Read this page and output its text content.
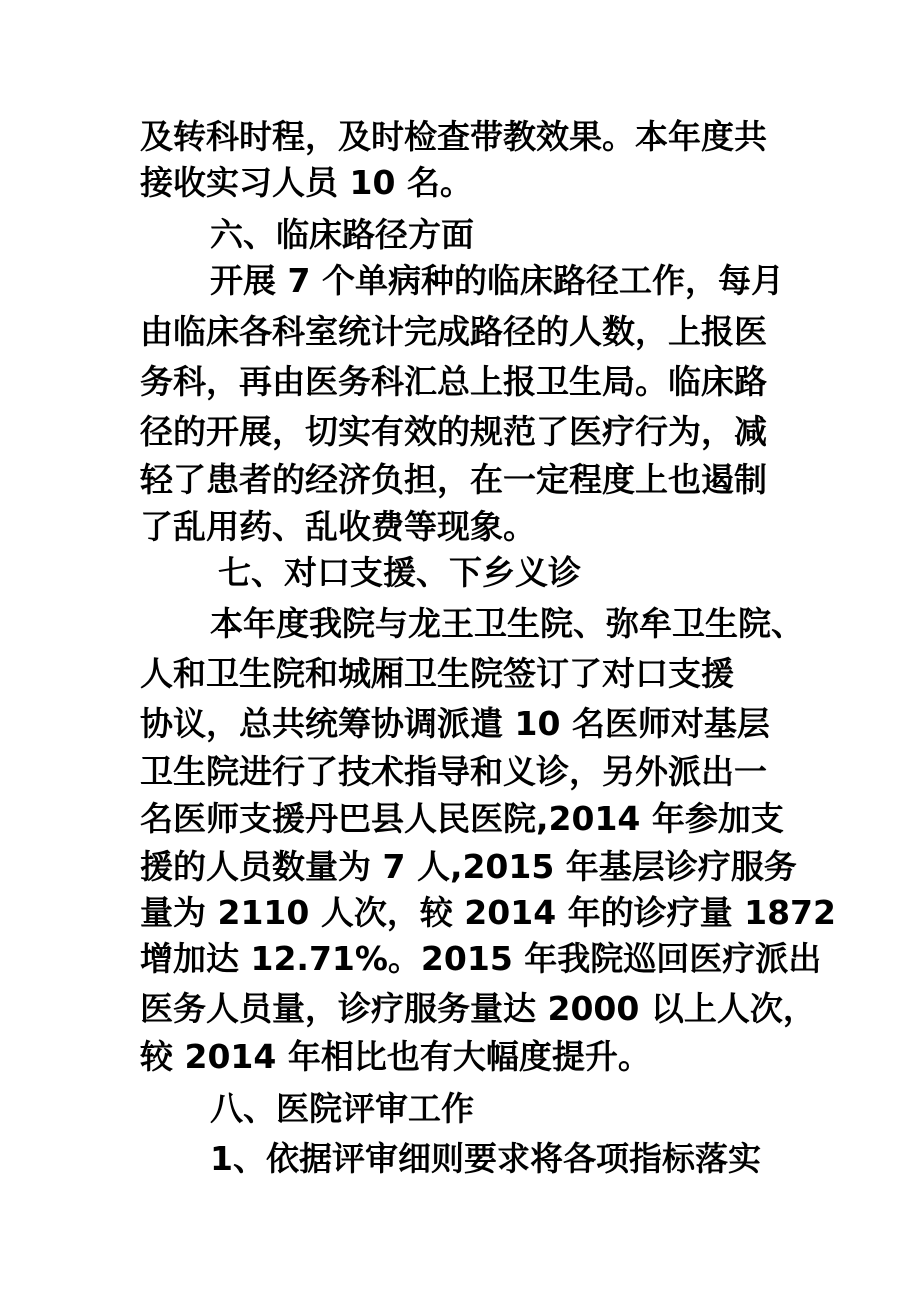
及转科时程，及时检查带教效果。本年度共
接收实习人员 10 名。
六、临床路径方面
开展 7 个单病种的临床路径工作，每月
由临床各科室统计完成路径的人数，上报医
务科，再由医务科汇总上报卫生局。临床路
径的开展，切实有效的规范了医疗行为，减
轻了患者的经济负担，在一定程度上也遏制
了乱用药、乱收费等现象。
七、对口支援、下乡义诊
本年度我院与龙王卫生院、弥牟卫生院、
人和卫生院和城厢卫生院签订了对口支援
协议，总共统筹协调派遣 10 名医师对基层
卫生院进行了技术指导和义诊，另外派出一
名医师支援丹巴县人民医院,2014 年参加支
援的人员数量为 7 人,2015 年基层诊疗服务
量为 2110 人次，较 2014 年的诊疗量 1872
增加达 12.71%。2015 年我院巡回医疗派出
医务人员量，诊疗服务量达 2000 以上人次，
较 2014 年相比也有大幅度提升。
八、医院评审工作
1、依据评审细则要求将各项指标落实
